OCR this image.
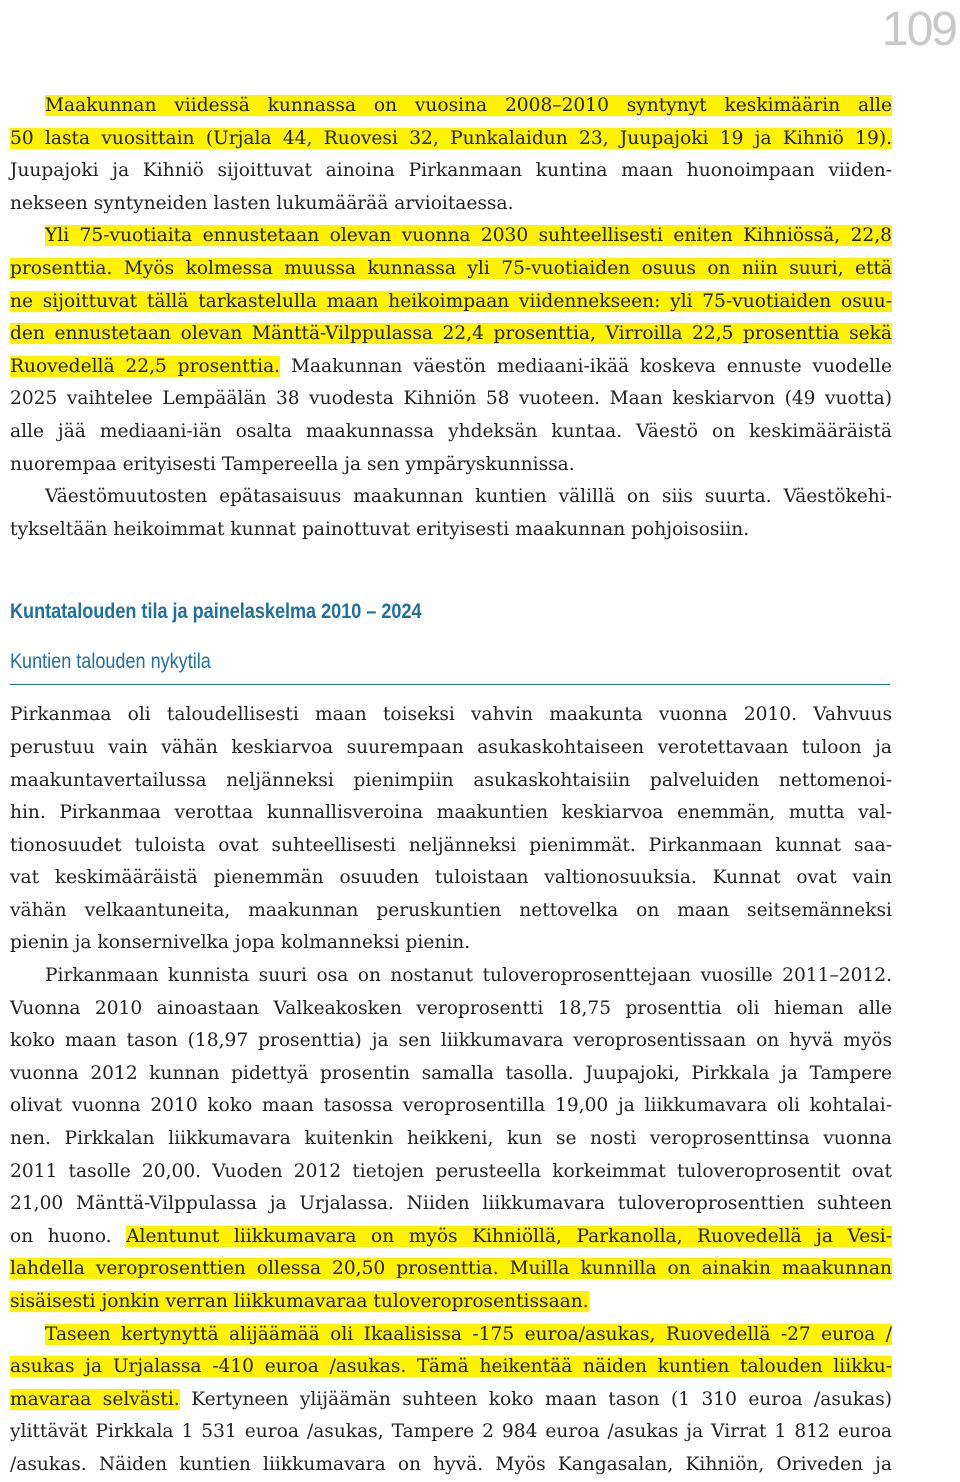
109
Maakunnan viidessä kunnassa on vuosina 2008–2010 syntynyt keskimäärin alle
50 lasta vuosittain (Urjala 44, Ruovesi 32, Punkalaidun 23, Juupajoki 19 ja Kihniö 19).
Juupajoki ja Kihniö sijoittuvat ainoina Pirkanmaan kuntina maan huonoimpaan viiden-
nekseen syntyneiden lasten lukumäärää arvioitaessa.
Yli 75-vuotiaita ennustetaan olevan vuonna 2030 suhteellisesti eniten Kihniössä, 22,8
prosenttia. Myös kolmessa muussa kunnassa yli 75-vuotiaiden osuus on niin suuri, että
ne sijoittuvat tällä tarkastelulla maan heikoimpaan viidennekseen: yli 75-vuotiaiden osuu-
den ennustetaan olevan Mänttä-Vilppulassa 22,4 prosenttia, Virroilla 22,5 prosenttia sekä
Ruovedellä 22,5 prosenttia. Maakunnan väestön mediaani-ikää koskeva ennuste vuodelle
2025 vaihtelee Lempäälän 38 vuodesta Kihniön 58 vuoteen. Maan keskiarvon (49 vuotta)
alle jää mediaani-iän osalta maakunnassa yhdeksän kuntaa. Väestö on keskimääräistä
nuorempaa erityisesti Tampereella ja sen ympäryskunnissa.
Väestömuutosten epätasaisuus maakunnan kuntien välillä on siis suurta. Väestökehi-
tykseltään heikoimmat kunnat painottuvat erityisesti maakunnan pohjoisosiin.
Kuntatalouden tila ja painelaskelma 2010 – 2024
Kuntien talouden nykytila
Pirkanmaa oli taloudellisesti maan toiseksi vahvin maakunta vuonna 2010. Vahvuus
perustuu vain vähän keskiarvoa suurempaan asukaskohtaiseen verotettavaan tuloon ja
maakuntavertailussa neljänneksi pienimpiin asukaskohtaisiin palveluiden nettomenoi-
hin. Pirkanmaa verottaa kunnallisveroina maakuntien keskiarvoa enemmän, mutta val-
tionosuudet tuloista ovat suhteellisesti neljänneksi pienimmät. Pirkanmaan kunnat saa-
vat keskimääräistä pienemmän osuuden tuloistaan valtionosuuksia. Kunnat ovat vain
vähän velkaantuneita, maakunnan peruskuntien nettovelka on maan seitsemänneksi
pienin ja konsernivelka jopa kolmanneksi pienin.
Pirkanmaan kunnista suuri osa on nostanut tuloveroprosenttejaan vuosille 2011–2012.
Vuonna 2010 ainoastaan Valkeakosken veroprosentti 18,75 prosenttia oli hieman alle
koko maan tason (18,97 prosenttia) ja sen liikkumavara veroprosentissaan on hyvä myös
vuonna 2012 kunnan pidettyä prosentin samalla tasolla. Juupajoki, Pirkkala ja Tampere
olivat vuonna 2010 koko maan tasossa veroprosentilla 19,00 ja liikkumavara oli kohtalai-
nen. Pirkkalan liikkumavara kuitenkin heikkeni, kun se nosti veroprosenttinsa vuonna
2011 tasolle 20,00. Vuoden 2012 tietojen perusteella korkeimmat tuloveroprosentit ovat
21,00 Mänttä-Vilppulassa ja Urjalassa. Niiden liikkumavara tuloveroprosenttien suhteen
on huono. Alentunut liikkumavara on myös Kihniöllä, Parkanolla, Ruovedellä ja Vesi-
lahdella veroprosenttien ollessa 20,50 prosenttia. Muilla kunnilla on ainakin maakunnan
sisäisesti jonkin verran liikkumavaraa tuloveroprosentissaan.
Taseen kertynyttä alijäämää oli Ikaalisissa -175 euroa/asukas, Ruovedellä -27 euroa /
asukas ja Urjalassa -410 euroa /asukas. Tämä heikentää näiden kuntien talouden liikku-
mavaraa selvästi. Kertyneen ylijäämän suhteen koko maan tason (1 310 euroa /asukas)
ylittävät Pirkkala 1 531 euroa /asukas, Tampere 2 984 euroa /asukas ja Virrat 1 812 euroa
/asukas. Näiden kuntien liikkumavara on hyvä. Myös Kangasalan, Kihniön, Oriveden ja
